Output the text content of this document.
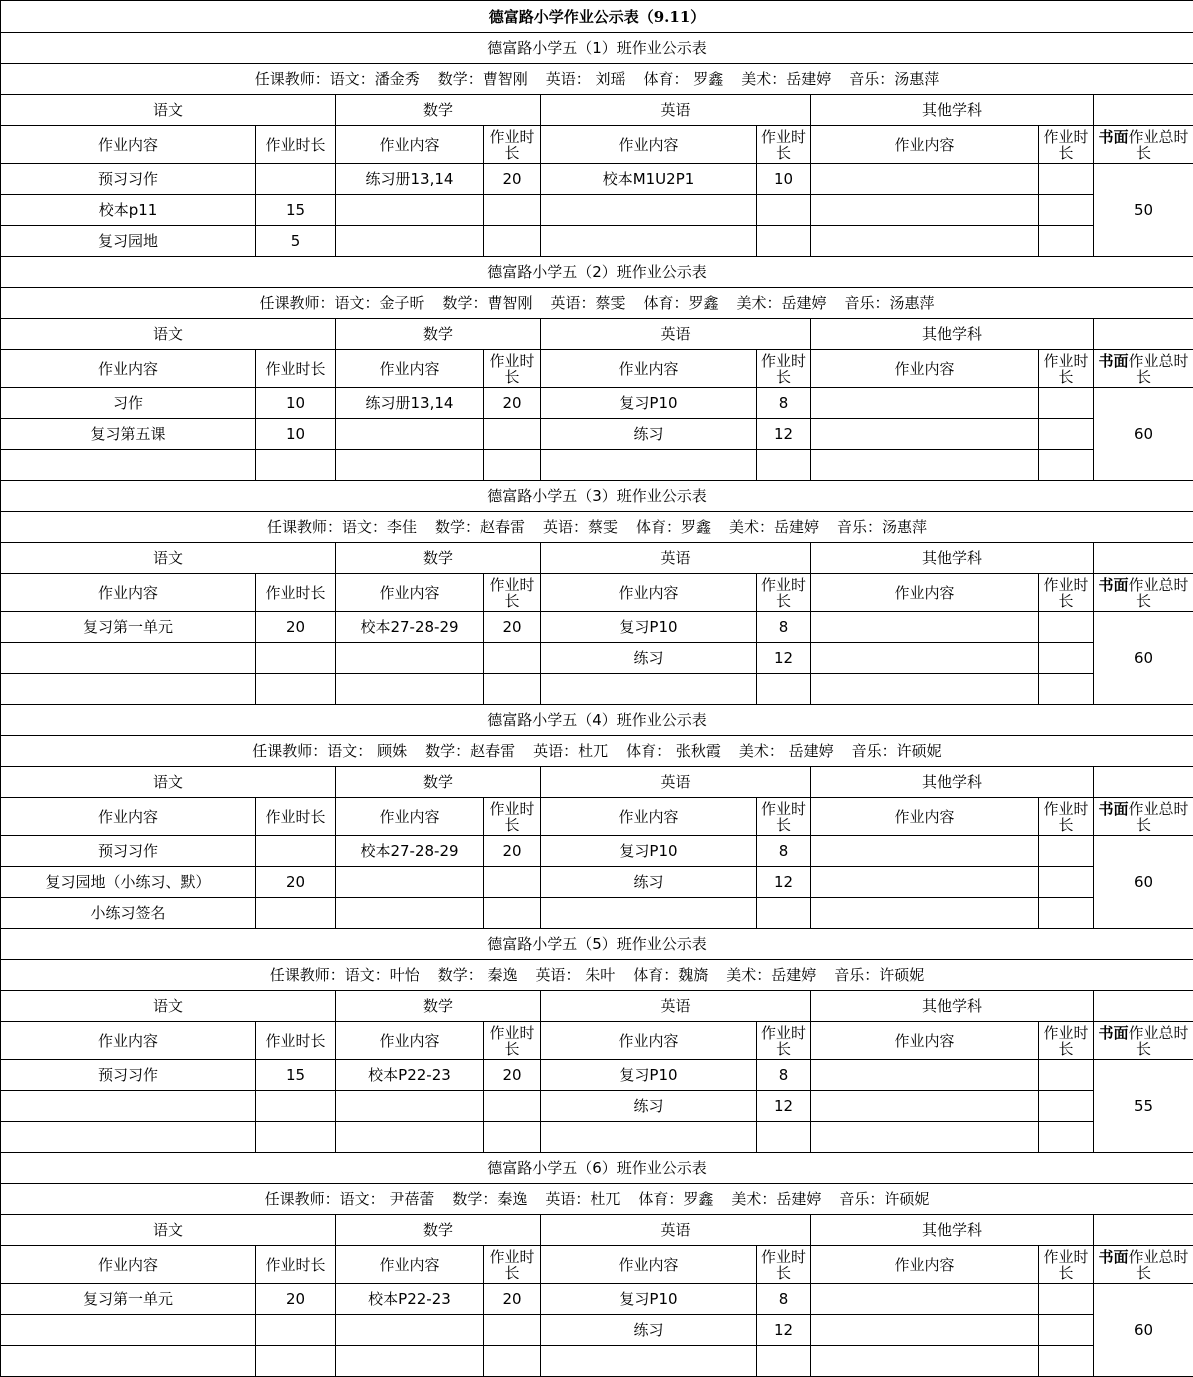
德富路小学作业公示表（9.11）								
德富路小学五（1）班作业公示表								
任课教师：语文：潘金秀 数学：曹智刚 英语： 刘瑶 体育： 罗鑫 美术：岳建婷 音乐：汤惠萍								
语文		数学		英语		其他学科		
作业内容	作业时长	作业内容	作业时长	作业内容	作业时长	作业内容	作业时长	书面作业总时长
预习习作		练习册13,14	20	校本M1U2P1	10			50
校本p11	15							
复习园地	5							
德富路小学五（2）班作业公示表								
任课教师：语文：金子昕 数学：曹智刚 英语：蔡雯 体育：罗鑫 美术：岳建婷 音乐：汤惠萍								
语文		数学		英语		其他学科		
作业内容	作业时长	作业内容	作业时长	作业内容	作业时长	作业内容	作业时长	书面作业总时长
习作	10	练习册13,14	20	复习P10	8			60
复习第五课	10			练习	12			

德富路小学五（3）班作业公示表								
任课教师：语文：李佳 数学：赵春雷 英语：蔡雯 体育：罗鑫 美术：岳建婷 音乐：汤惠萍								
语文		数学		英语		其他学科		
作业内容	作业时长	作业内容	作业时长	作业内容	作业时长	作业内容	作业时长	书面作业总时长
复习第一单元	20	校本27-28-29	20	复习P10	8			60
				练习	12			

德富路小学五（4）班作业公示表								
任课教师：语文： 顾姝 数学：赵春雷 英语：杜兀 体育： 张秋霞 美术： 岳建婷 音乐：许硕妮								
语文		数学		英语		其他学科		
作业内容	作业时长	作业内容	作业时长	作业内容	作业时长	作业内容	作业时长	书面作业总时长
预习习作		校本27-28-29	20	复习P10	8			60
复习园地（小练习、默）	20			练习	12			
小练习签名								
德富路小学五（5）班作业公示表								
任课教师：语文：叶怡 数学： 秦逸 英语： 朱叶 体育：魏旖 美术：岳建婷 音乐：许硕妮								
语文		数学		英语		其他学科		
作业内容	作业时长	作业内容	作业时长	作业内容	作业时长	作业内容	作业时长	书面作业总时长
预习习作	15	校本P22-23	20	复习P10	8			55
				练习	12			

德富路小学五（6）班作业公示表								
任课教师：语文： 尹蓓蕾 数学：秦逸 英语：杜兀 体育：罗鑫 美术：岳建婷 音乐：许硕妮								
语文		数学		英语		其他学科		
作业内容	作业时长	作业内容	作业时长	作业内容	作业时长	作业内容	作业时长	书面作业总时长
复习第一单元	20	校本P22-23	20	复习P10	8			60
				练习	12			
